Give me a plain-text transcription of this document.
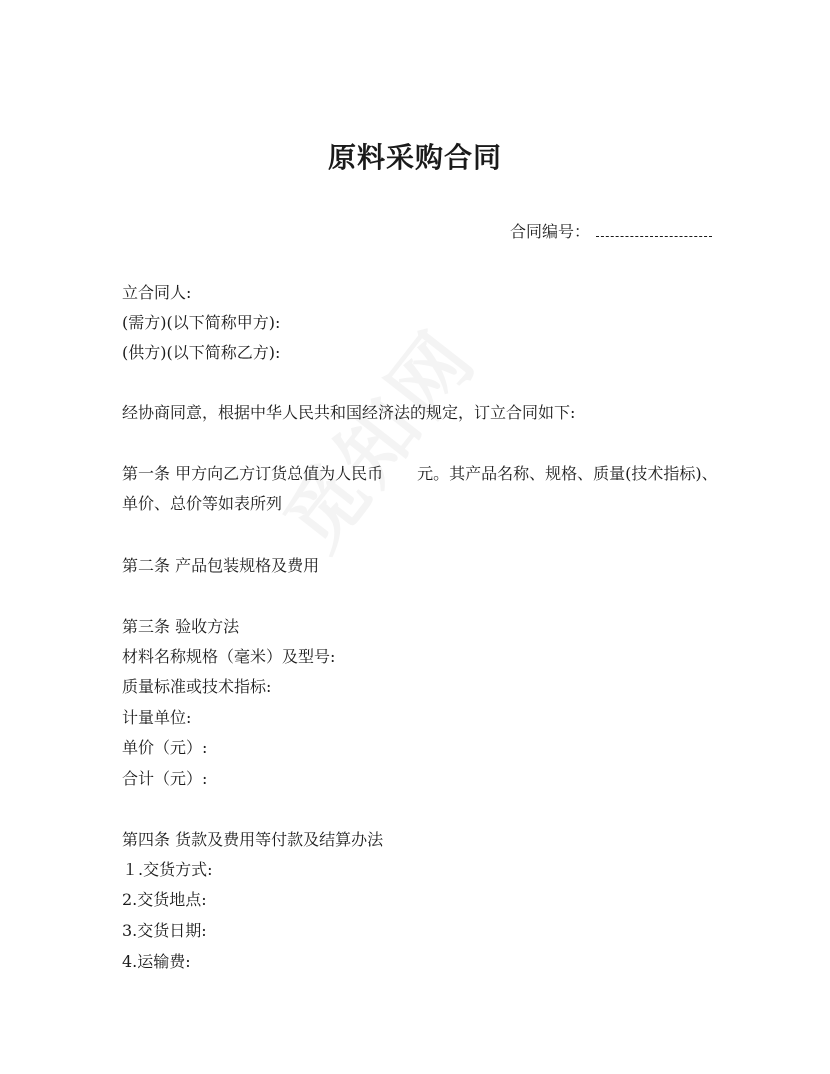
原料采购合同
合同编号：
立合同人:
(需方)(以下简称甲方):
(供方)(以下简称乙方):
经协商同意，根据中华人民共和国经济法的规定，订立合同如下:
第一条 甲方向乙方订货总值为人民币 元。其产品名称、规格、质量(技术指标)、
单价、总价等如表所列
第二条 产品包装规格及费用
第三条 验收方法
材料名称规格（毫米）及型号:
质量标准或技术指标:
计量单位:
单价（元）:
合计（元）:
第四条 货款及费用等付款及结算办法
１.交货方式:
2.交货地点:
3.交货日期:
4.运输费:
